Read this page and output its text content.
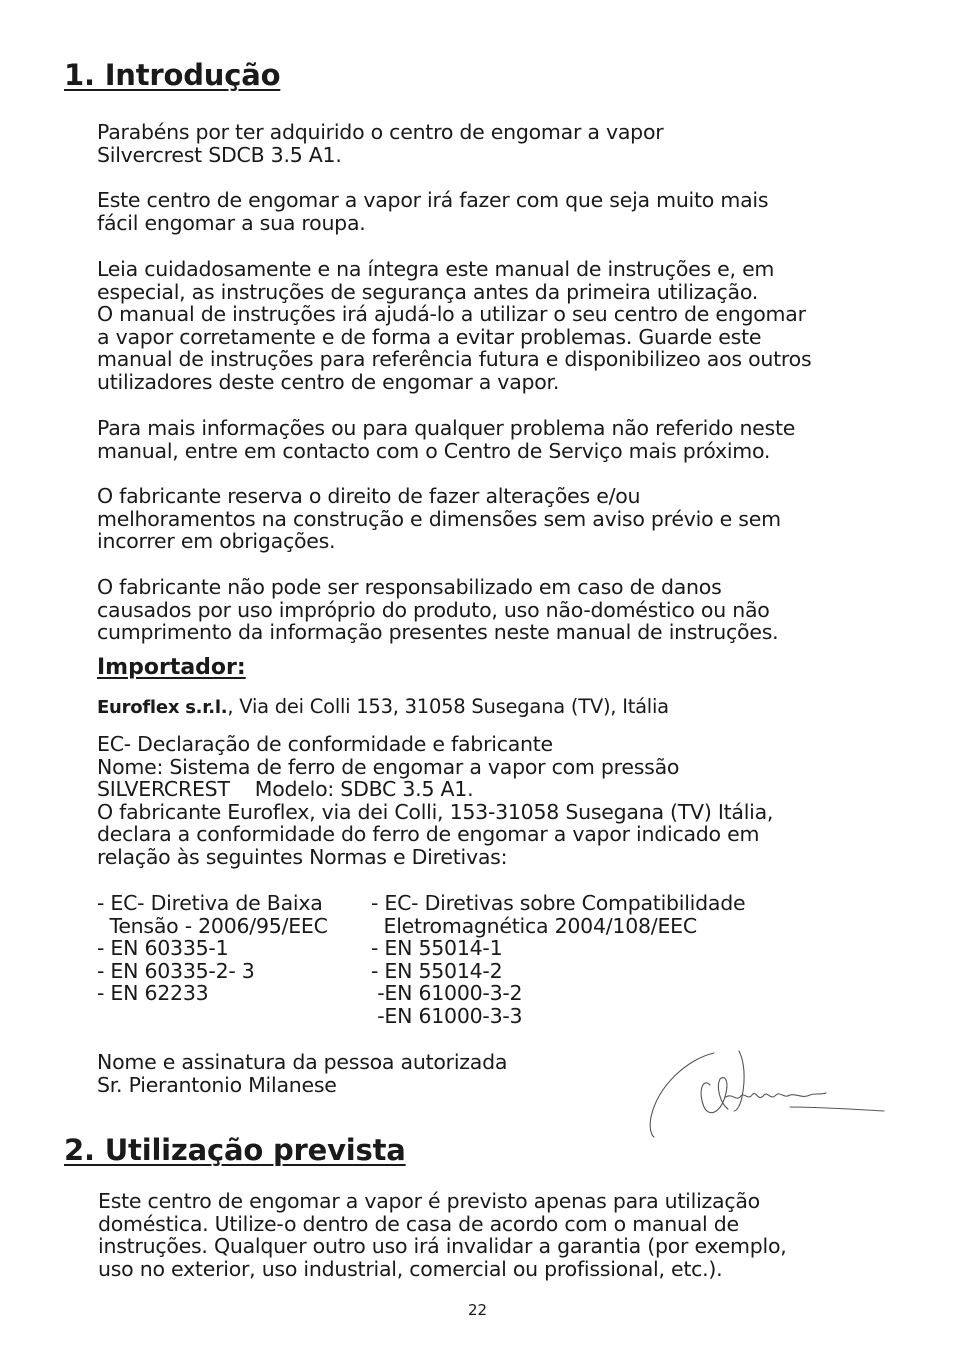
1. Introdução

Parabéns por ter adquirido o centro de engomar a vapor

Silvercrest SDCB 3.5 A1.

Este centro de engomar a vapor irá fazer com que seja muito mais

fácil engomar a sua roupa.

Leia cuidadosamente e na íntegra este manual de instruções e, em

especial, as instruções de segurança antes da primeira utilização.

O manual de instruções irá ajudá-lo a utilizar o seu centro de engomar

a vapor corretamente e de forma a evitar problemas. Guarde este

manual de instruções para referência futura e disponibilizeo aos outros

utilizadores deste centro de engomar a vapor.

Para mais informações ou para qualquer problema não referido neste

manual, entre em contacto com o Centro de Serviço mais próximo.

O fabricante reserva o direito de fazer alterações e/ou

melhoramentos na construção e dimensões sem aviso prévio e sem

incorrer em obrigações.

O fabricante não pode ser responsabilizado em caso de danos

causados por uso impróprio do produto, uso não-doméstico ou não

cumprimento da informação presentes neste manual de instruções.

Importador:

Euroflex s.r.l., Via dei Colli 153, 31058 Susegana (TV), Itália

EC- Declaração de conformidade e fabricante

Nome: Sistema de ferro de engomar a vapor com pressão

SILVERCREST    Modelo: SDBC 3.5 A1.

O fabricante Euroflex, via dei Colli, 153-31058 Susegana (TV) Itália,

declara a conformidade do ferro de engomar a vapor indicado em

relação às seguintes Normas e Diretivas:

- EC- Diretiva de Baixa

Tensão - 2006/95/EEC

- EN 60335-1

- EN 60335-2- 3

- EN 62233

- EC- Diretivas sobre Compatibilidade

Eletromagnética 2004/108/EEC

- EN 55014-1

- EN 55014-2

-EN 61000-3-2

-EN 61000-3-3

Nome e assinatura da pessoa autorizada

Sr. Pierantonio Milanese

2. Utilização prevista

Este centro de engomar a vapor é previsto apenas para utilização

doméstica. Utilize-o dentro de casa de acordo com o manual de

instruções. Qualquer outro uso irá invalidar a garantia (por exemplo,

uso no exterior, uso industrial, comercial ou profissional, etc.).

22
